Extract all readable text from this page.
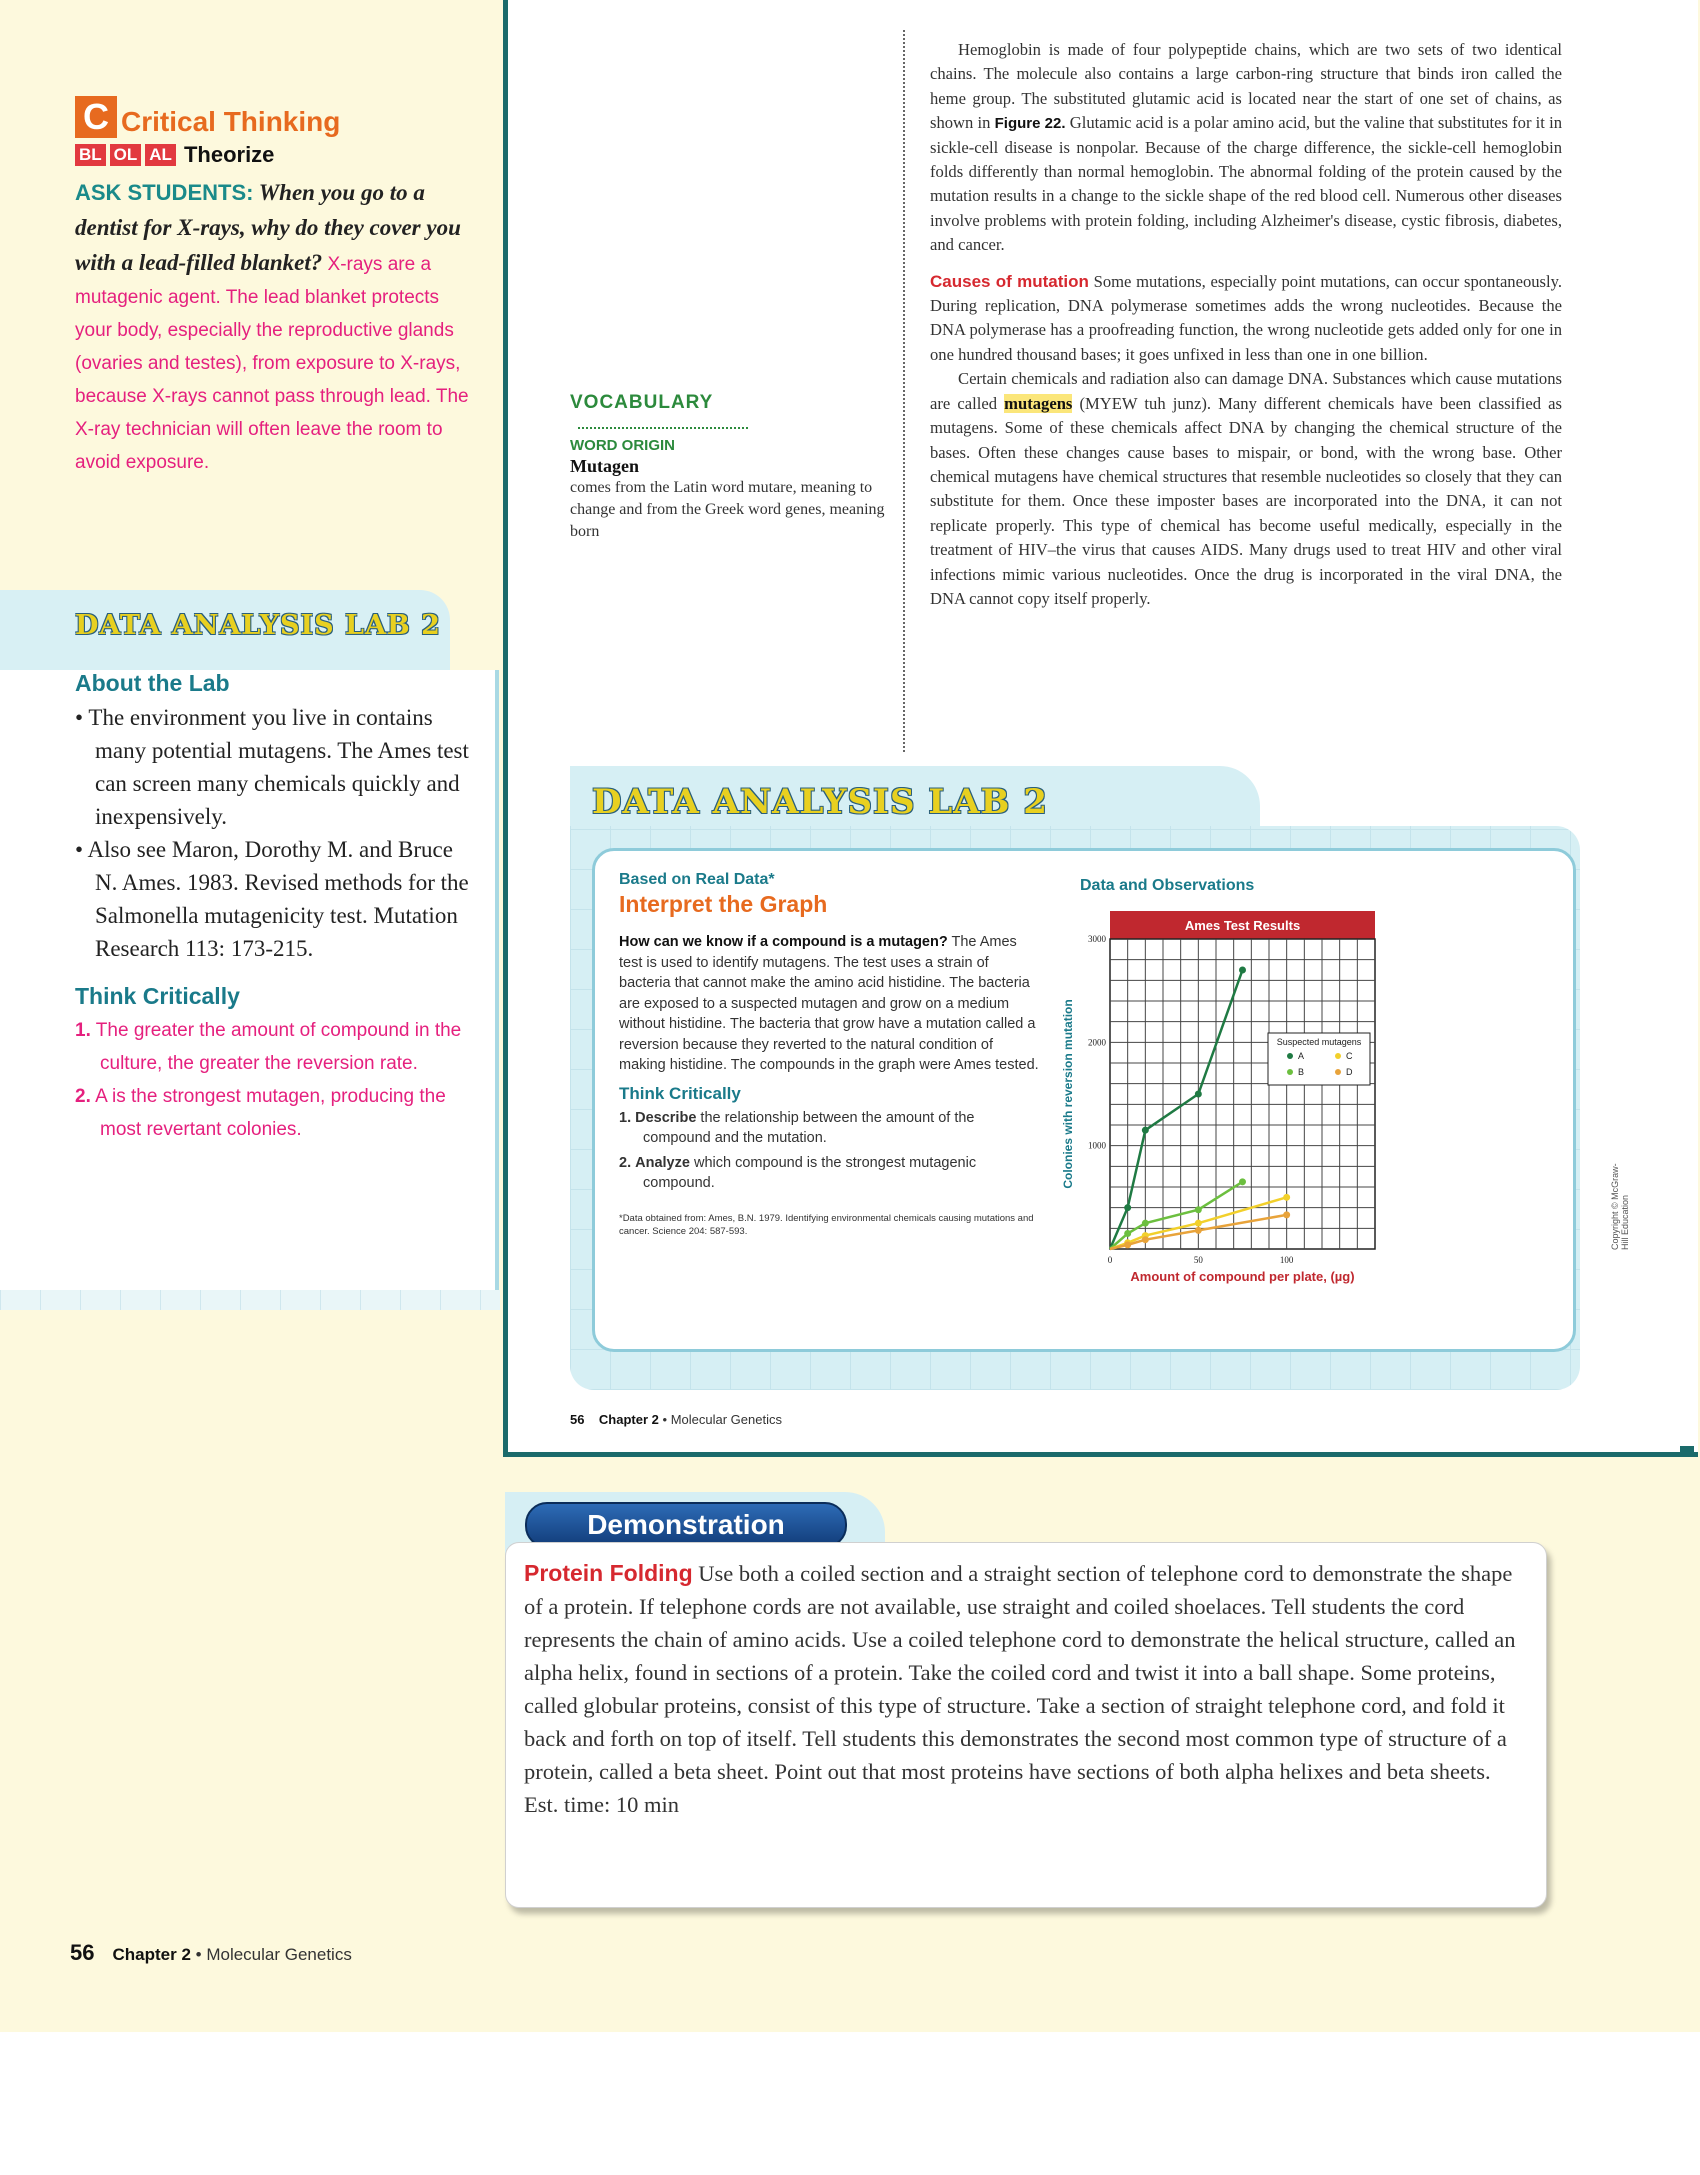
C Critical Thinking
BL OL AL Theorize
ASK STUDENTS: When you go to a dentist for X-rays, why do they cover you with a lead-filled blanket? X-rays are a mutagenic agent. The lead blanket protects your body, especially the reproductive glands (ovaries and testes), from exposure to X-rays, because X-rays cannot pass through lead. The X-ray technician will often leave the room to avoid exposure.
DATA ANALYSIS LAB 2
About the Lab
• The environment you live in contains many potential mutagens. The Ames test can screen many chemicals quickly and inexpensively.
• Also see Maron, Dorothy M. and Bruce N. Ames. 1983. Revised methods for the Salmonella mutagenicity test. Mutation Research 113: 173-215.
Think Critically
1. The greater the amount of compound in the culture, the greater the reversion rate.
2. A is the strongest mutagen, producing the most revertant colonies.
VOCABULARY
WORD ORIGIN
Mutagen
comes from the Latin word mutare, meaning to change and from the Greek word genes, meaning born

Hemoglobin is made of four polypeptide chains, which are two sets of two identical chains. The molecule also contains a large carbon-ring structure that binds iron called the heme group. The substituted glutamic acid is located near the start of one set of chains, as shown in Figure 22. Glutamic acid is a polar amino acid, but the valine that substitutes for it in sickle-cell disease is nonpolar. Because of the charge difference, the sickle-cell hemoglobin folds differently than normal hemoglobin. The abnormal folding of the protein caused by the mutation results in a change to the sickle shape of the red blood cell. Numerous other diseases involve problems with protein folding, including Alzheimer's disease, cystic fibrosis, diabetes, and cancer.

Causes of mutation Some mutations, especially point mutations, can occur spontaneously. During replication, DNA polymerase sometimes adds the wrong nucleotides. Because the DNA polymerase has a proofreading function, the wrong nucleotide gets added only for one in one hundred thousand bases; it goes unfixed in less than one in one billion.

Certain chemicals and radiation also can damage DNA. Substances which cause mutations are called mutagens (MYEW tuh junz). Many different chemicals have been classified as mutagens. Some of these chemicals affect DNA by changing the chemical structure of the bases. Often these changes cause bases to mispair, or bond, with the wrong base. Other chemical mutagens have chemical structures that resemble nucleotides so closely that they can substitute for them. Once these imposter bases are incorporated into the DNA, it can not replicate properly. This type of chemical has become useful medically, especially in the treatment of HIV–the virus that causes AIDS. Many drugs used to treat HIV and other viral infections mimic various nucleotides. Once the drug is incorporated in the viral DNA, the DNA cannot copy itself properly.

DATA ANALYSIS LAB 2
Based on Real Data*
Interpret the Graph
How can we know if a compound is a mutagen? The Ames test is used to identify mutagens. The test uses a strain of bacteria that cannot make the amino acid histidine. The bacteria are exposed to a suspected mutagen and grow on a medium without histidine. The bacteria that grow have a mutation called a reversion because they reverted to the natural condition of making histidine. The compounds in the graph were Ames tested.
Think Critically
1. Describe the relationship between the amount of the compound and the mutation.
2. Analyze which compound is the strongest mutagenic compound.
*Data obtained from: Ames, B.N. 1979. Identifying environmental chemicals causing mutations and cancer. Science 204: 587-593.
Data and Observations
Ames Test Results
1000
2000
3000
0	50	100
Amount of compound per plate, (µg)
Colonies with reversion mutation	Suspected mutagens
A
B
C
D
56 Chapter 2 • Molecular Genetics
Copyright © McGraw-Hill Education
Demonstration
Protein Folding Use both a coiled section and a straight section of telephone cord to demonstrate the shape of a protein. If telephone cords are not available, use straight and coiled shoelaces. Tell students the cord represents the chain of amino acids. Use a coiled telephone cord to demonstrate the helical structure, called an alpha helix, found in sections of a protein. Take the coiled cord and twist it into a ball shape. Some proteins, called globular proteins, consist of this type of structure. Take a section of straight telephone cord, and fold it back and forth on top of itself. Tell students this demonstrates the second most common type of structure of a protein, called a beta sheet. Point out that most proteins have sections of both alpha helixes and beta sheets. Est. time: 10 min
56 Chapter 2 • Molecular Genetics
